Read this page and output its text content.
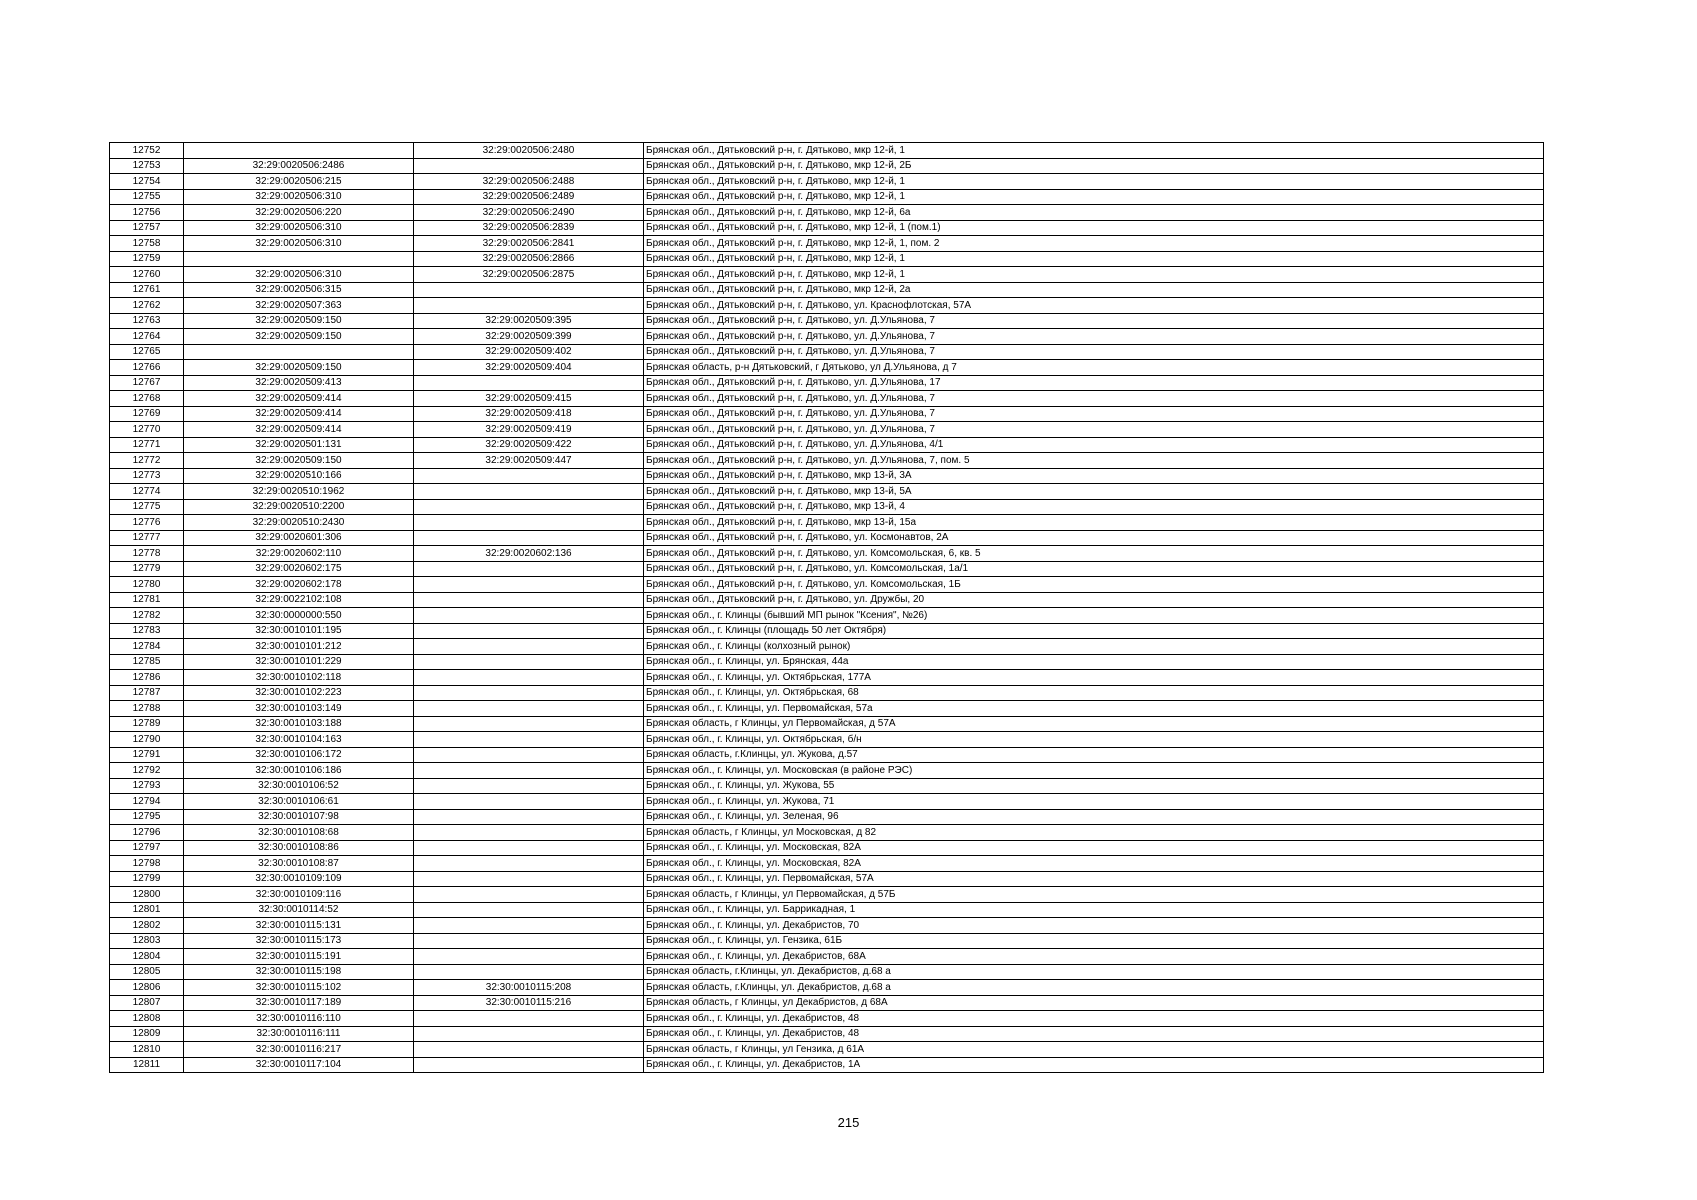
12752		32:29:0020506:2480	Брянская обл., Дятьковский р-н, г. Дятьково, мкр 12-й, 1
12753	32:29:0020506:2486		Брянская обл., Дятьковский р-н, г. Дятьково, мкр 12-й, 2Б
12754	32:29:0020506:215	32:29:0020506:2488	Брянская обл., Дятьковский р-н, г. Дятьково, мкр 12-й, 1
12755	32:29:0020506:310	32:29:0020506:2489	Брянская обл., Дятьковский р-н, г. Дятьково, мкр 12-й, 1
12756	32:29:0020506:220	32:29:0020506:2490	Брянская обл., Дятьковский р-н, г. Дятьково, мкр 12-й, 6а
12757	32:29:0020506:310	32:29:0020506:2839	Брянская обл., Дятьковский р-н, г. Дятьково, мкр 12-й, 1 (пом.1)
12758	32:29:0020506:310	32:29:0020506:2841	Брянская обл., Дятьковский р-н, г. Дятьково, мкр 12-й, 1, пом. 2
12759		32:29:0020506:2866	Брянская обл., Дятьковский р-н, г. Дятьково, мкр 12-й, 1
12760	32:29:0020506:310	32:29:0020506:2875	Брянская обл., Дятьковский р-н, г. Дятьково, мкр 12-й, 1
12761	32:29:0020506:315		Брянская обл., Дятьковский р-н, г. Дятьково, мкр 12-й, 2а
12762	32:29:0020507:363		Брянская обл., Дятьковский р-н, г. Дятьково, ул. Краснофлотская, 57А
12763	32:29:0020509:150	32:29:0020509:395	Брянская обл., Дятьковский р-н, г. Дятьково, ул. Д.Ульянова, 7
12764	32:29:0020509:150	32:29:0020509:399	Брянская обл., Дятьковский р-н, г. Дятьково, ул. Д.Ульянова, 7
12765		32:29:0020509:402	Брянская обл., Дятьковский р-н, г. Дятьково, ул. Д.Ульянова, 7
12766	32:29:0020509:150	32:29:0020509:404	Брянская область, р-н Дятьковский, г Дятьково, ул Д.Ульянова, д 7
12767	32:29:0020509:413		Брянская обл., Дятьковский р-н, г. Дятьково, ул. Д.Ульянова, 17
12768	32:29:0020509:414	32:29:0020509:415	Брянская обл., Дятьковский р-н, г. Дятьково, ул. Д.Ульянова, 7
12769	32:29:0020509:414	32:29:0020509:418	Брянская обл., Дятьковский р-н, г. Дятьково, ул. Д.Ульянова, 7
12770	32:29:0020509:414	32:29:0020509:419	Брянская обл., Дятьковский р-н, г. Дятьково, ул. Д.Ульянова, 7
12771	32:29:0020501:131	32:29:0020509:422	Брянская обл., Дятьковский р-н, г. Дятьково, ул. Д.Ульянова, 4/1
12772	32:29:0020509:150	32:29:0020509:447	Брянская обл., Дятьковский р-н, г. Дятьково, ул. Д.Ульянова, 7, пом. 5
12773	32:29:0020510:166		Брянская обл., Дятьковский р-н, г. Дятьково, мкр 13-й, 3А
12774	32:29:0020510:1962		Брянская обл., Дятьковский р-н, г. Дятьково, мкр 13-й, 5А
12775	32:29:0020510:2200		Брянская обл., Дятьковский р-н, г. Дятьково, мкр 13-й, 4
12776	32:29:0020510:2430		Брянская обл., Дятьковский р-н, г. Дятьково, мкр 13-й, 15а
12777	32:29:0020601:306		Брянская обл., Дятьковский р-н, г. Дятьково, ул. Космонавтов, 2А
12778	32:29:0020602:110	32:29:0020602:136	Брянская обл., Дятьковский р-н, г. Дятьково, ул. Комсомольская, 6, кв. 5
12779	32:29:0020602:175		Брянская обл., Дятьковский р-н, г. Дятьково, ул. Комсомольская, 1а/1
12780	32:29:0020602:178		Брянская обл., Дятьковский р-н, г. Дятьково, ул. Комсомольская, 1Б
12781	32:29:0022102:108		Брянская обл., Дятьковский р-н, г. Дятьково, ул. Дружбы, 20
12782	32:30:0000000:550		Брянская обл., г. Клинцы (бывший МП рынок "Ксения", №26)
12783	32:30:0010101:195		Брянская обл., г. Клинцы (площадь 50 лет Октября)
12784	32:30:0010101:212		Брянская обл., г. Клинцы (колхозный рынок)
12785	32:30:0010101:229		Брянская обл., г. Клинцы, ул. Брянская, 44а
12786	32:30:0010102:118		Брянская обл., г. Клинцы, ул. Октябрьская, 177А
12787	32:30:0010102:223		Брянская обл., г. Клинцы, ул. Октябрьская, 68
12788	32:30:0010103:149		Брянская обл., г. Клинцы, ул. Первомайская, 57а
12789	32:30:0010103:188		Брянская область, г Клинцы, ул Первомайская, д 57А
12790	32:30:0010104:163		Брянская обл., г. Клинцы, ул. Октябрьская, б/н
12791	32:30:0010106:172		Брянская область, г.Клинцы, ул. Жукова, д.57
12792	32:30:0010106:186		Брянская обл., г. Клинцы, ул. Московская (в районе РЭС)
12793	32:30:0010106:52		Брянская обл., г. Клинцы, ул. Жукова, 55
12794	32:30:0010106:61		Брянская обл., г. Клинцы, ул. Жукова, 71
12795	32:30:0010107:98		Брянская обл., г. Клинцы, ул. Зеленая, 96
12796	32:30:0010108:68		Брянская область, г Клинцы, ул Московская, д 82
12797	32:30:0010108:86		Брянская обл., г. Клинцы, ул. Московская, 82А
12798	32:30:0010108:87		Брянская обл., г. Клинцы, ул. Московская, 82А
12799	32:30:0010109:109		Брянская обл., г. Клинцы, ул. Первомайская, 57А
12800	32:30:0010109:116		Брянская область, г Клинцы, ул Первомайская, д 57Б
12801	32:30:0010114:52		Брянская обл., г. Клинцы, ул. Баррикадная, 1
12802	32:30:0010115:131		Брянская обл., г. Клинцы, ул. Декабристов, 70
12803	32:30:0010115:173		Брянская обл., г. Клинцы, ул. Гензика, 61Б
12804	32:30:0010115:191		Брянская обл., г. Клинцы, ул. Декабристов, 68А
12805	32:30:0010115:198		Брянская область, г.Клинцы, ул. Декабристов, д.68 а
12806	32:30:0010115:102	32:30:0010115:208	Брянская область, г.Клинцы, ул. Декабристов, д.68 а
12807	32:30:0010117:189	32:30:0010115:216	Брянская область, г Клинцы, ул Декабристов, д 68А
12808	32:30:0010116:110		Брянская обл., г. Клинцы, ул. Декабристов, 48
12809	32:30:0010116:111		Брянская обл., г. Клинцы, ул. Декабристов, 48
12810	32:30:0010116:217		Брянская область, г Клинцы, ул Гензика, д 61А
12811	32:30:0010117:104		Брянская обл., г. Клинцы, ул. Декабристов, 1А
215
